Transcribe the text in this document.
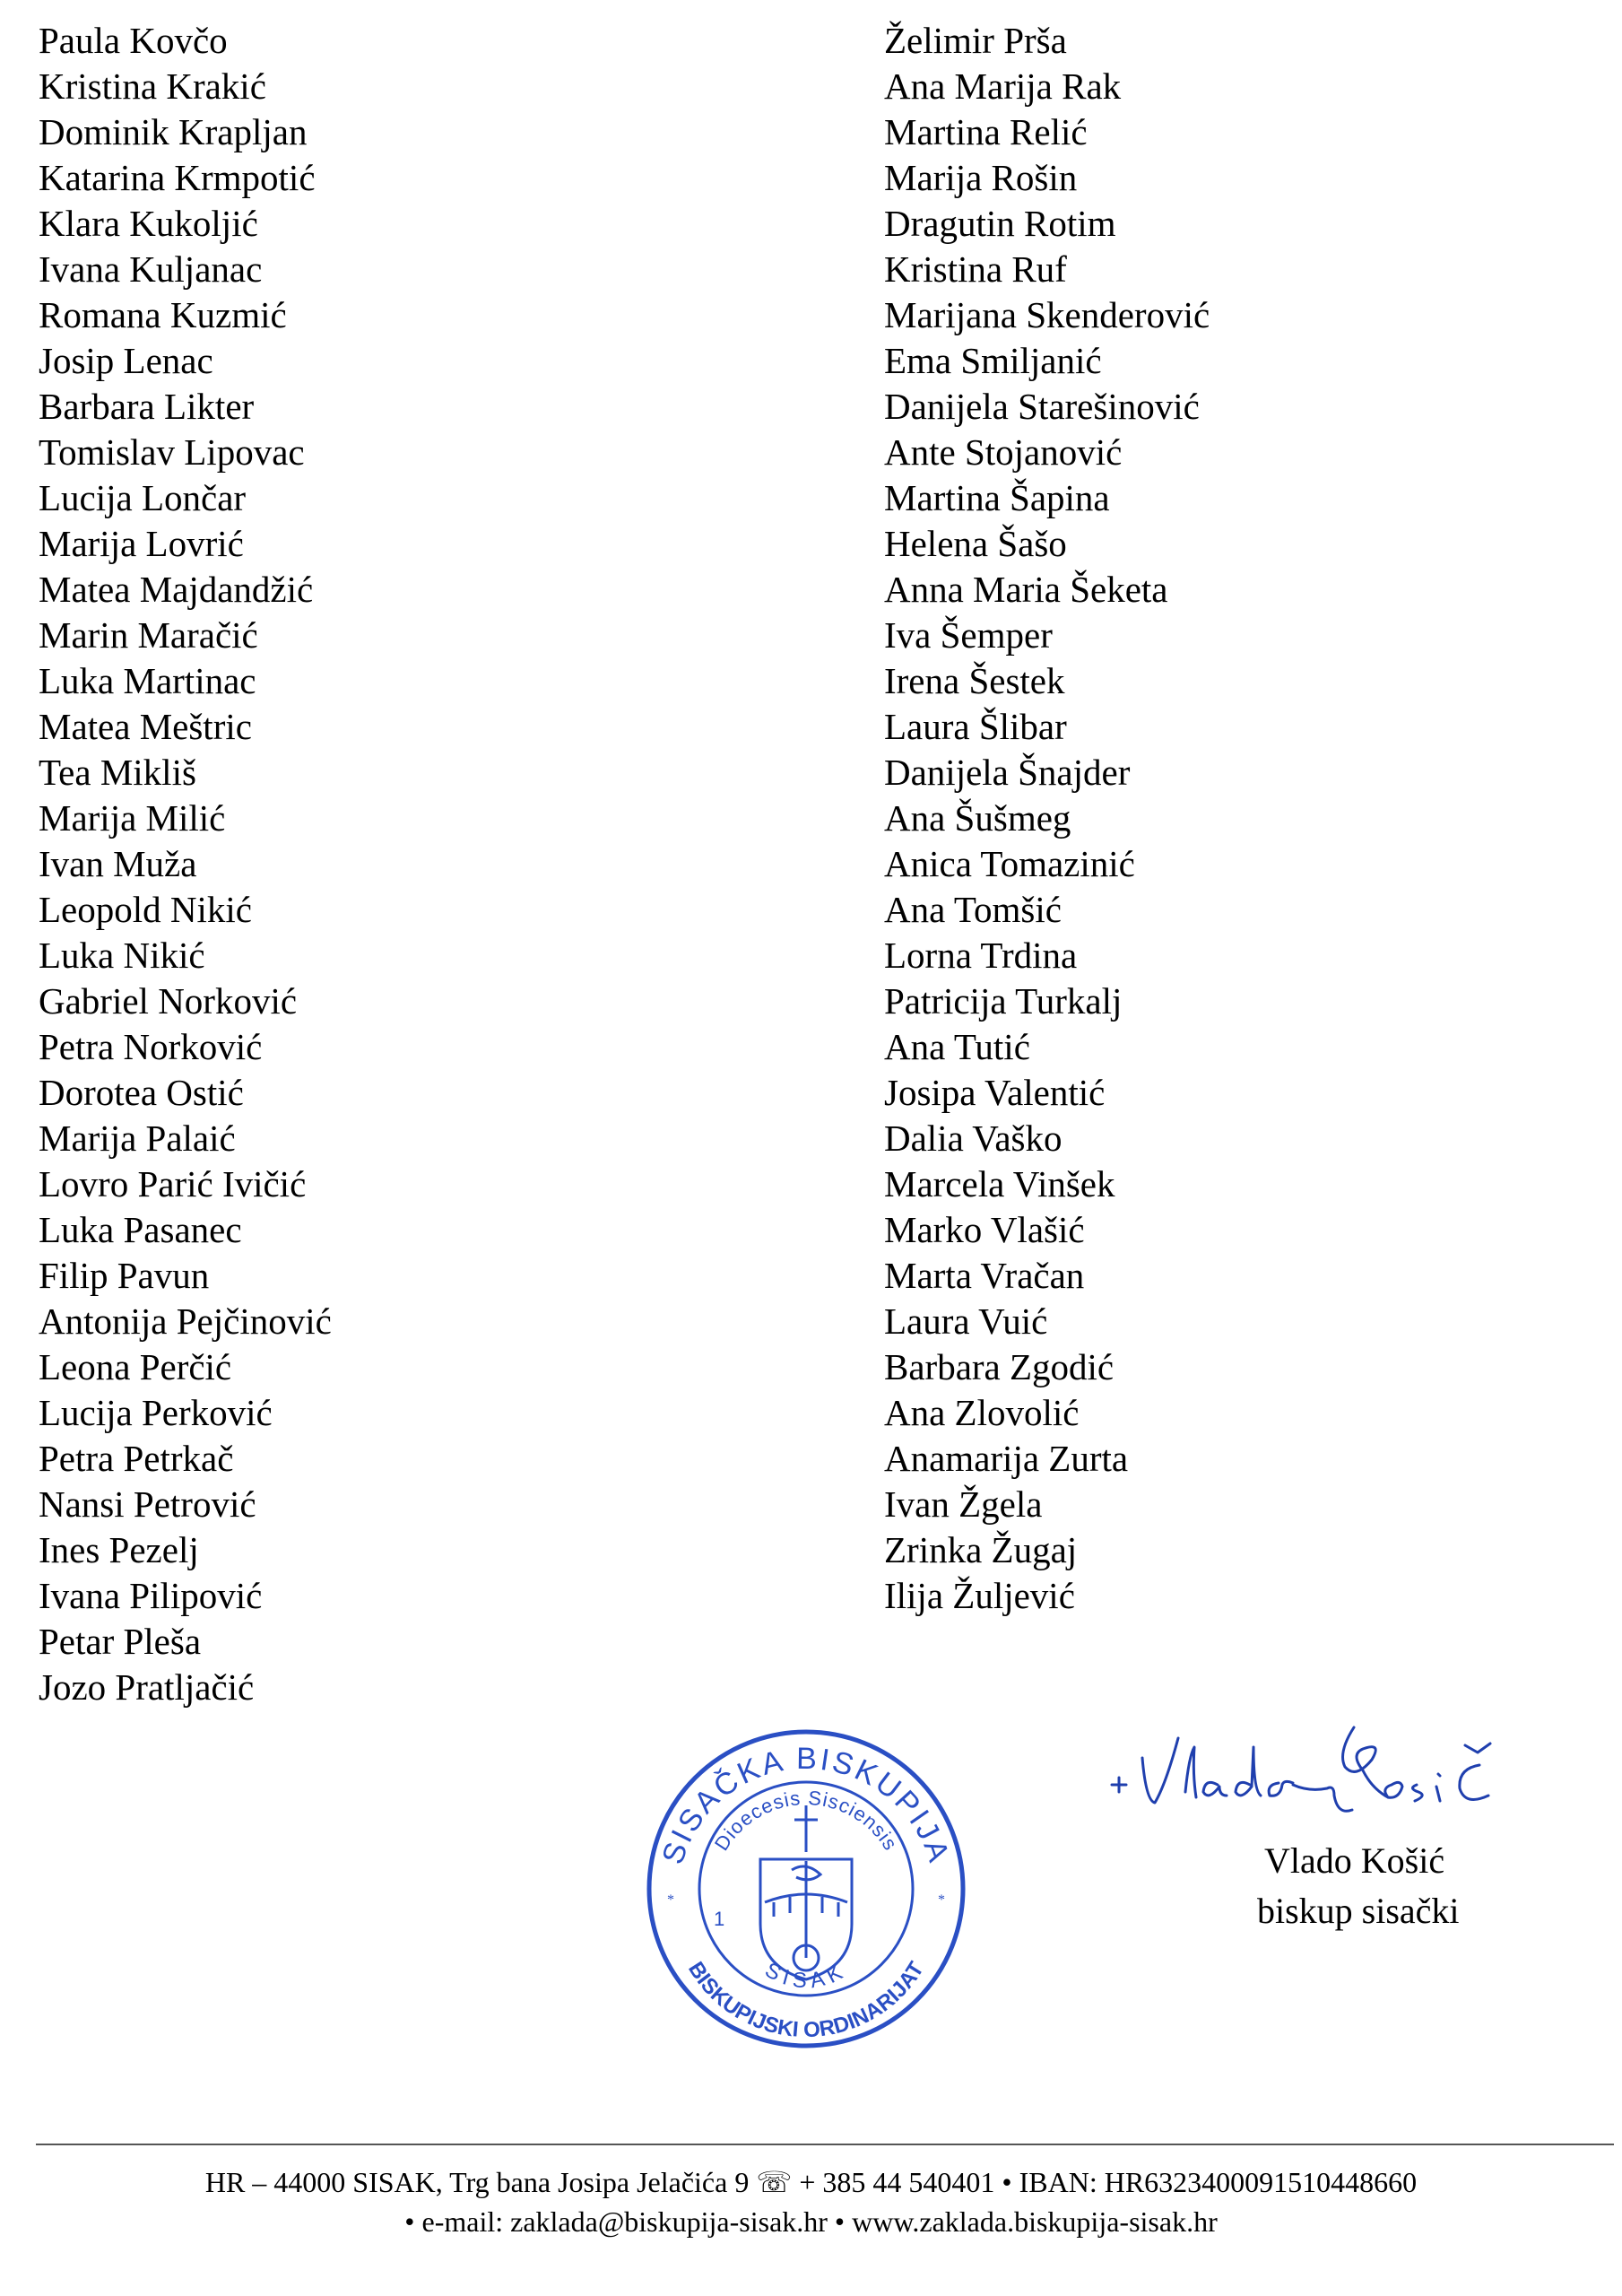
Paula Kovčo
Kristina Krakić
Dominik Krapljan
Katarina Krmpotić
Klara Kukoljić
Ivana Kuljanac
Romana Kuzmić
Josip Lenac
Barbara Likter
Tomislav Lipovac
Lucija Lončar
Marija Lovrić
Matea Majdandžić
Marin Maračić
Luka Martinac
Matea Meštric
Tea Mikliš
Marija Milić
Ivan Muža
Leopold Nikić
Luka Nikić
Gabriel Norković
Petra Norković
Dorotea Ostić
Marija Palaić
Lovro Parić Ivičić
Luka Pasanec
Filip Pavun
Antonija Pejčinović
Leona Perčić
Lucija Perković
Petra Petrkač
Nansi Petrović
Ines Pezelj
Ivana Pilipović
Petar Pleša
Jozo Pratljačić
Želimir Prša
Ana Marija Rak
Martina Relić
Marija Rošin
Dragutin Rotim
Kristina Ruf
Marijana Skenderović
Ema Smiljanić
Danijela Starešinović
Ante Stojanović
Martina Šapina
Helena Šašo
Anna Maria Šeketa
Iva Šemper
Irena Šestek
Laura Šlibar
Danijela Šnajder
Ana Šušmeg
Anica Tomazinić
Ana Tomšić
Lorna Trdina
Patricija Turkalj
Ana Tutić
Josipa Valentić
Dalia Vaško
Marcela Vinšek
Marko Vlašić
Marta Vračan
Laura Vuić
Barbara Zgodić
Ana Zlovolić
Anamarija Zurta
Ivan Žgela
Zrinka Žugaj
Ilija Žuljević
SISAČKA BISKUPIJA
Dioecesis Sisciensis
BISKUPIJSKI ORDINARIJAT
SISAK
1
*	*
Vlado Košić
biskup sisački
HR – 44000 SISAK, Trg bana Josipa Jelačića 9 ☏ + 385 44 540401 • IBAN: HR6323400091510448660
• e-mail: zaklada@biskupija-sisak.hr • www.zaklada.biskupija-sisak.hr
